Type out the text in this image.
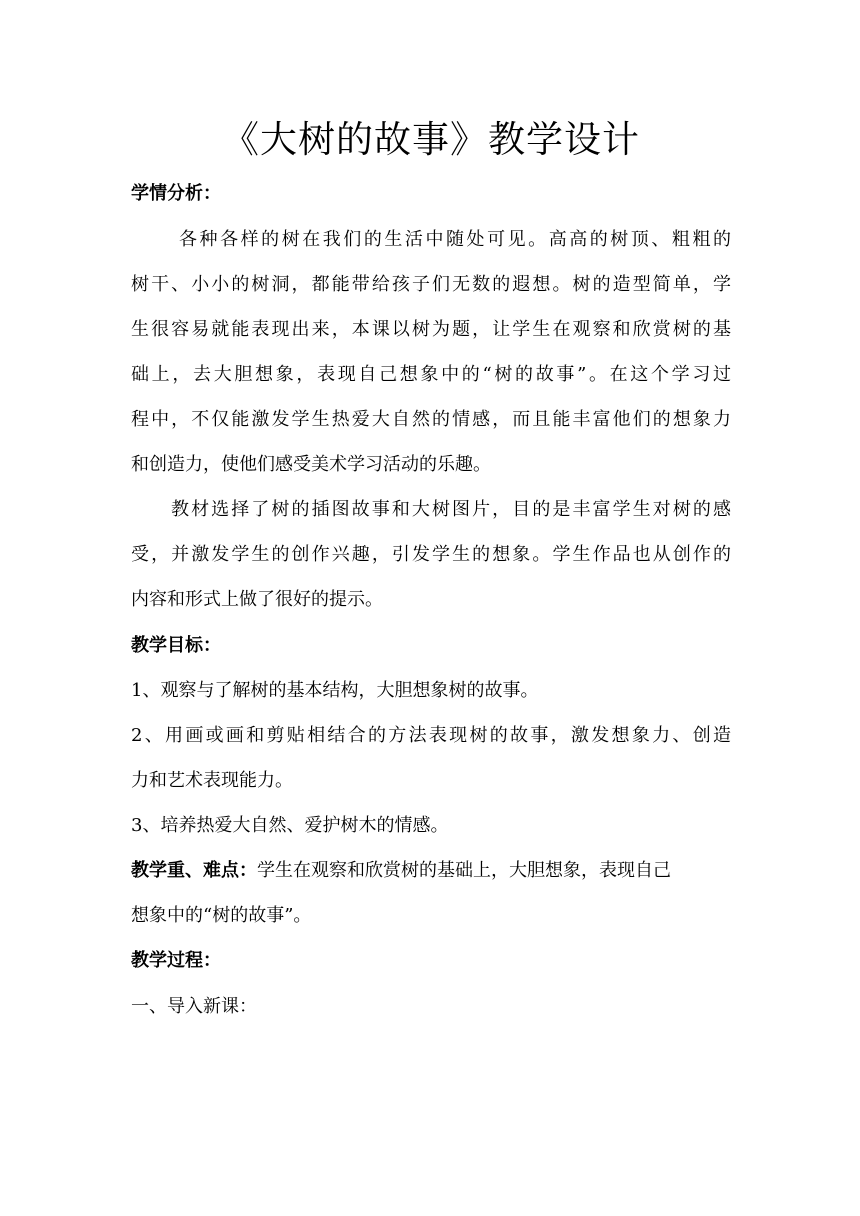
《大树的故事》教学设计

学情分析：

各种各样的树在我们的生活中随处可见。高高的树顶、粗粗的

树干、小小的树洞，都能带给孩子们无数的遐想。树的造型简单，学

生很容易就能表现出来，本课以树为题，让学生在观察和欣赏树的基

础上，去大胆想象，表现自己想象中的“树的故事”。在这个学习过

程中，不仅能激发学生热爱大自然的情感，而且能丰富他们的想象力

和创造力，使他们感受美术学习活动的乐趣。

教材选择了树的插图故事和大树图片，目的是丰富学生对树的感

受，并激发学生的创作兴趣，引发学生的想象。学生作品也从创作的

内容和形式上做了很好的提示。

教学目标：

1、观察与了解树的基本结构，大胆想象树的故事。

2、用画或画和剪贴相结合的方法表现树的故事，激发想象力、创造

力和艺术表现能力。

3、培养热爱大自然、爱护树木的情感。

教学重、难点：学生在观察和欣赏树的基础上，大胆想象，表现自己

想象中的“树的故事”。

教学过程：

一、导入新课：
